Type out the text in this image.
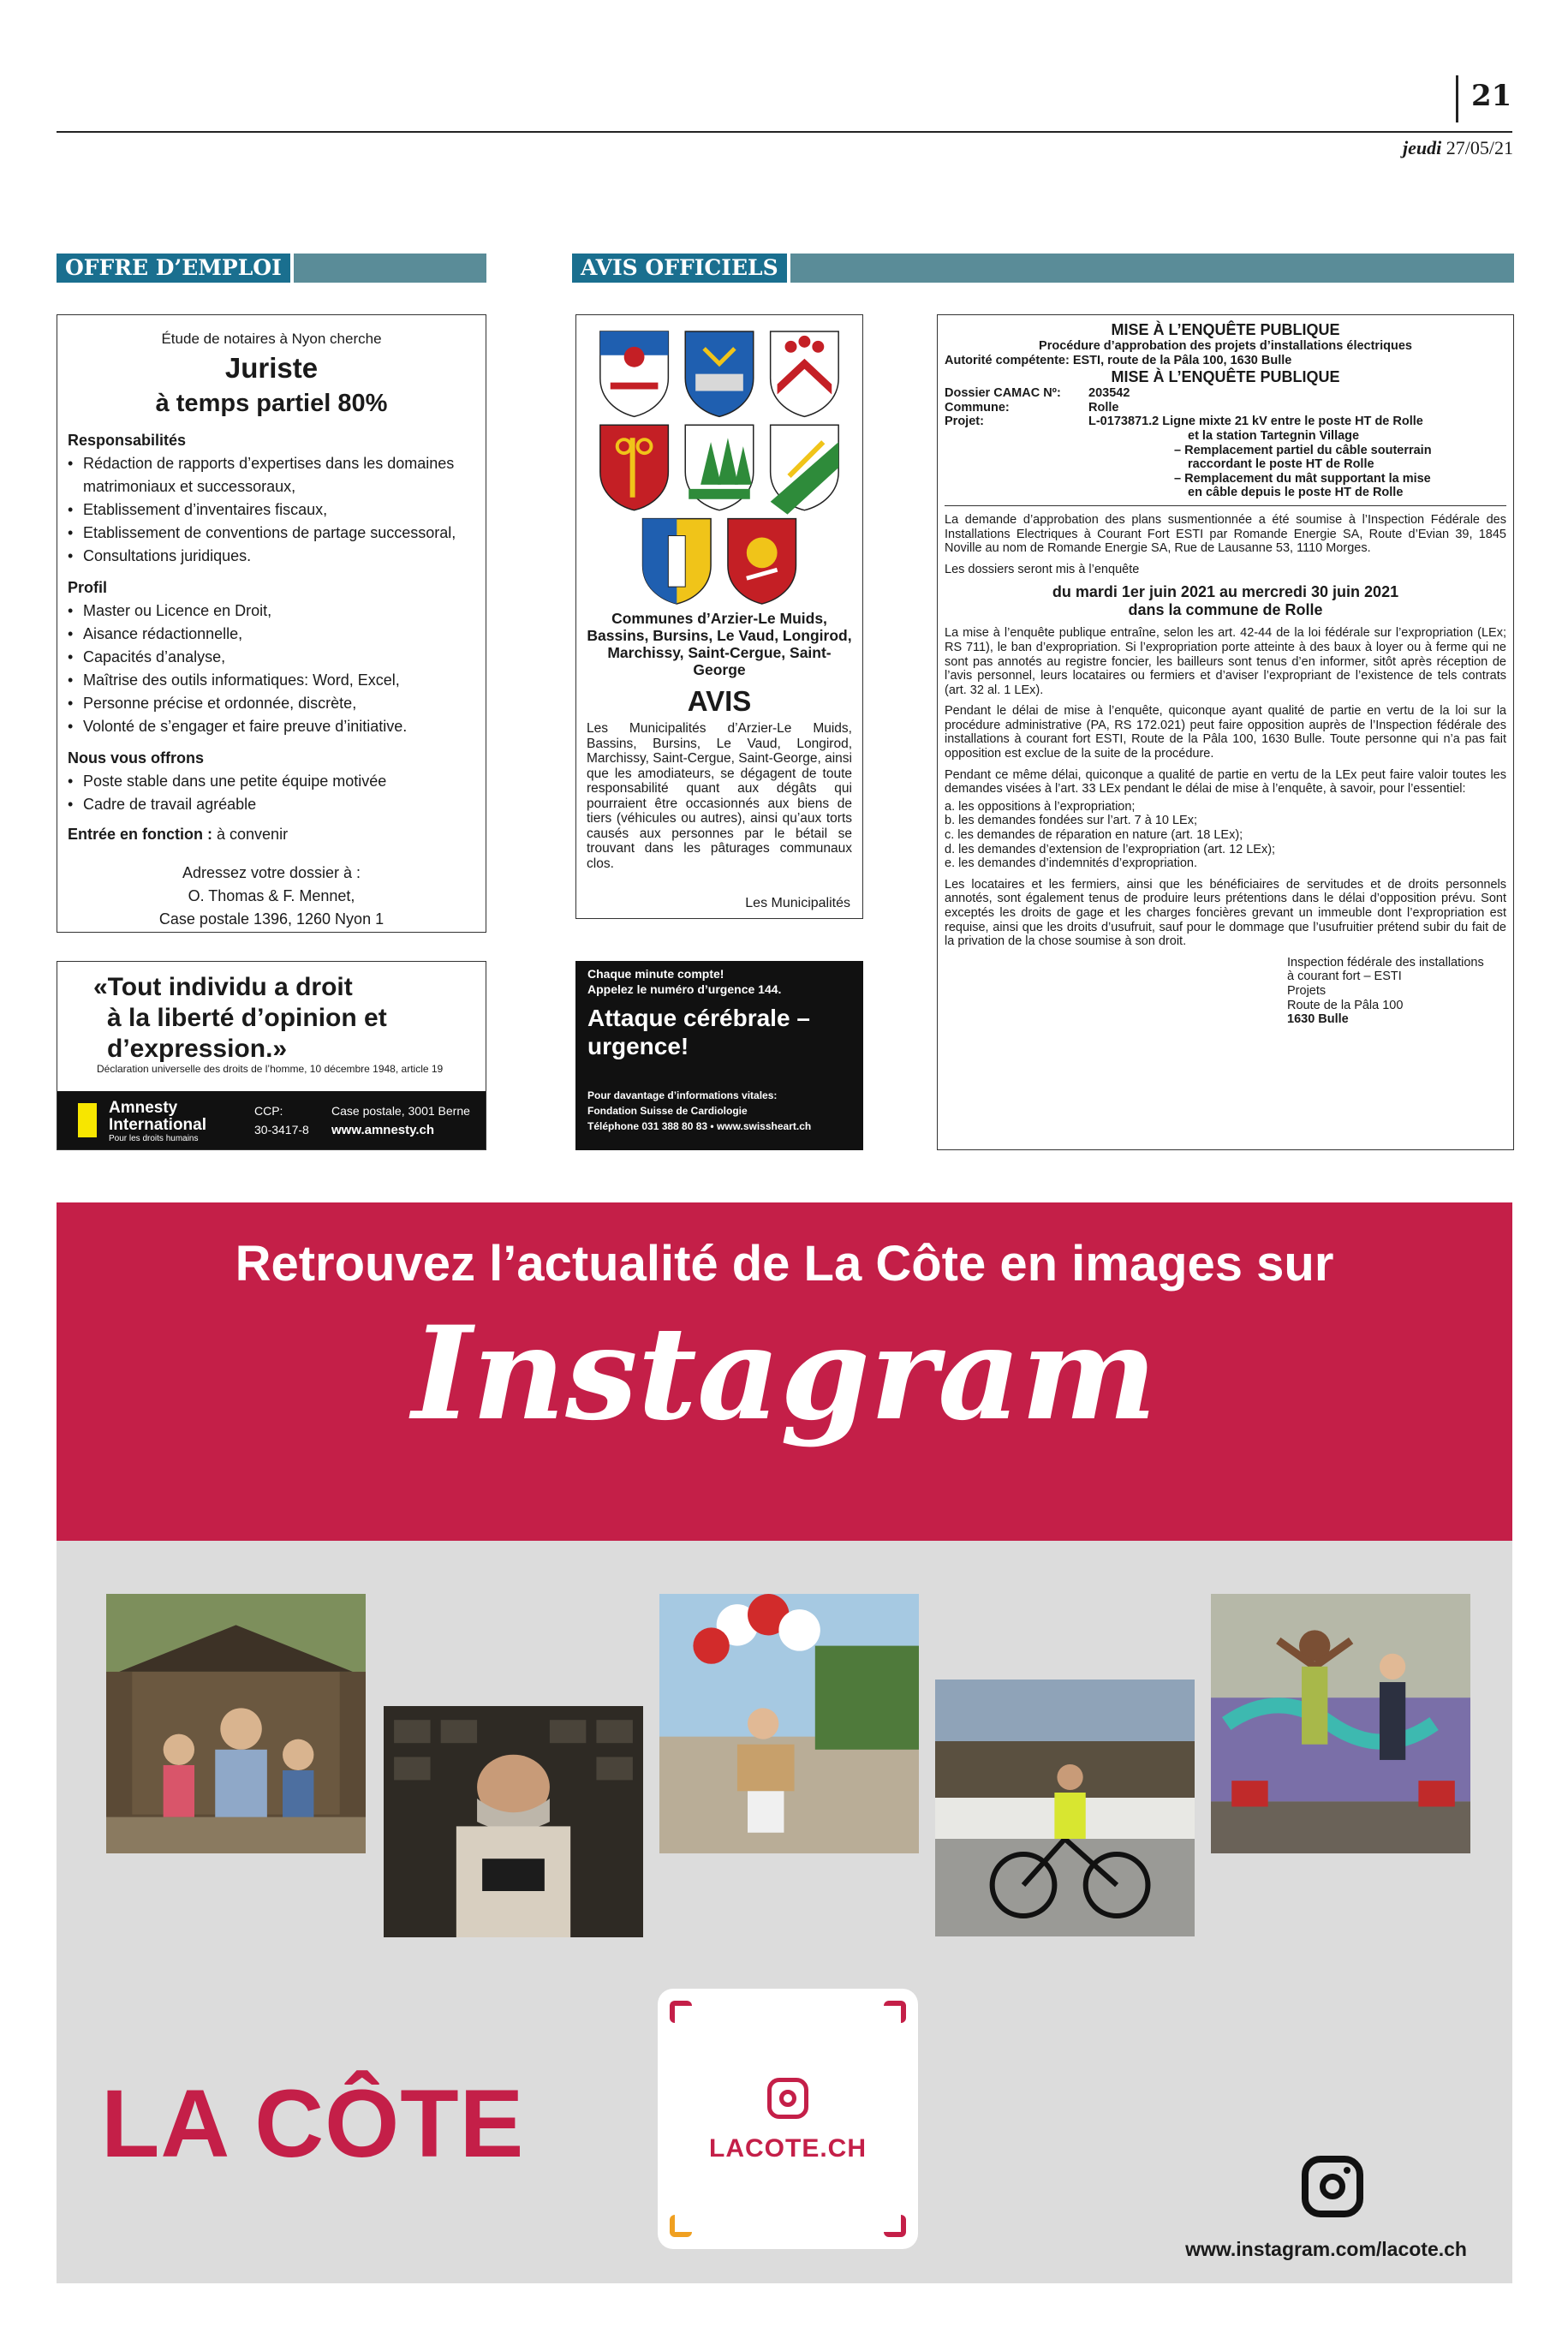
21
jeudi 27/05/21
OFFRE D’EMPLOI	AVIS OFFICIELS
Étude de notaires à Nyon cherche
Juriste
à temps partiel 80%
Responsabilités
• Rédaction de rapports d’expertises dans les domaines matrimoniaux et successoraux,
• Etablissement d’inventaires fiscaux,
• Etablissement de conventions de partage successoral,
• Consultations juridiques.
Profil
• Master ou Licence en Droit,
• Aisance rédactionnelle,
• Capacités d’analyse,
• Maîtrise des outils informatiques: Word, Excel,
• Personne précise et ordonnée, discrète,
• Volonté de s’engager et faire preuve d’initiative.
Nous vous offrons
• Poste stable dans une petite équipe motivée
• Cadre de travail agréable
Entrée en fonction : à convenir
Adressez votre dossier à :
O. Thomas & F. Mennet,
Case postale 1396, 1260 Nyon 1
«Tout individu a droit
à la liberté d’opinion et
d’expression.»
Déclaration universelle des droits de l’homme, 10 décembre 1948, article 19
Amnesty
International
Pour les droits humains
CCP:
30-3417-8
Case postale, 3001 Berne
www.amnesty.ch
Communes d’Arzier-Le Muids, Bassins, Bursins, Le Vaud, Longirod, Marchissy, Saint-Cergue, Saint-George
AVIS
Les Municipalités d’Arzier-Le Muids, Bassins, Bursins, Le Vaud, Longirod, Marchissy, Saint-Cergue, Saint-George, ainsi que les amodiateurs, se dégagent de toute responsabilité quant aux dégâts qui pourraient être occasionnés aux biens de tiers (véhicules ou autres), ainsi qu’aux torts causés aux personnes par le bétail se trouvant dans les pâturages communaux clos.
Les Municipalités
Chaque minute compte!
Appelez le numéro d’urgence 144.
Attaque cérébrale –
urgence!
Pour davantage d’informations vitales:
Fondation Suisse de Cardiologie
Téléphone 031 388 80 83 • www.swissheart.ch
MISE À L’ENQUÊTE PUBLIQUE
Procédure d’approbation des projets d’installations électriques
Autorité compétente: ESTI, route de la Pâla 100, 1630 Bulle
MISE À L’ENQUÊTE PUBLIQUE
Dossier CAMAC Nº:	203542
Commune:	Rolle
Projet:	L-0173871.2 Ligne mixte 21 kV entre le poste HT de Rolle
et la station Tartegnin Village
– Remplacement partiel du câble souterrain
raccordant le poste HT de Rolle
– Remplacement du mât supportant la mise
en câble depuis le poste HT de Rolle

La demande d’approbation des plans susmentionnée a été soumise à l’Inspection Fédérale des Installations Electriques à Courant Fort ESTI par Romande Energie SA, Route d’Evian 39, 1845 Noville au nom de Romande Energie SA, Rue de Lausanne 53, 1110 Morges.

Les dossiers seront mis à l’enquête

du mardi 1er juin 2021 au mercredi 30 juin 2021
dans la commune de Rolle

La mise à l’enquête publique entraîne, selon les art. 42-44 de la loi fédérale sur l’expropriation (LEx; RS 711), le ban d’expropriation. Si l’expropriation porte atteinte à des baux à loyer ou à ferme qui ne sont pas annotés au registre foncier, les bailleurs sont tenus d’en informer, sitôt après réception de l’avis personnel, leurs locataires ou fermiers et d’aviser l’expropriant de l’existence de tels contrats (art. 32 al. 1 LEx).

Pendant le délai de mise à l’enquête, quiconque ayant qualité de partie en vertu de la loi sur la procédure administrative (PA, RS 172.021) peut faire opposition auprès de l’Inspection fédérale des installations à courant fort ESTI, Route de la Pâla 100, 1630 Bulle. Toute personne qui n’a pas fait opposition est exclue de la suite de la procédure.

Pendant ce même délai, quiconque a qualité de partie en vertu de la LEx peut faire valoir toutes les demandes visées à l’art. 33 LEx pendant le délai de mise à l’enquête, à savoir, pour l’essentiel:

a. les oppositions à l’expropriation;
b. les demandes fondées sur l’art. 7 à 10 LEx;
c. les demandes de réparation en nature (art. 18 LEx);
d. les demandes d’extension de l’expropriation (art. 12 LEx);
e. les demandes d’indemnités d’expropriation.

Les locataires et les fermiers, ainsi que les bénéficiaires de servitudes et de droits personnels annotés, sont également tenus de produire leurs prétentions dans le délai d’opposition prévu. Sont exceptés les droits de gage et les charges foncières grevant un immeuble dont l’expropriation est requise, ainsi que les droits d’usufruit, sauf pour le dommage que l’usufruitier prétend subir du fait de la privation de la chose soumise à son droit.

Inspection fédérale des installations
à courant fort – ESTI
Projets
Route de la Pâla 100
1630 Bulle
Retrouvez l’actualité de La Côte en images sur
Instagram
LA CÔTE	LACOTE.CH
www.instagram.com/lacote.ch
